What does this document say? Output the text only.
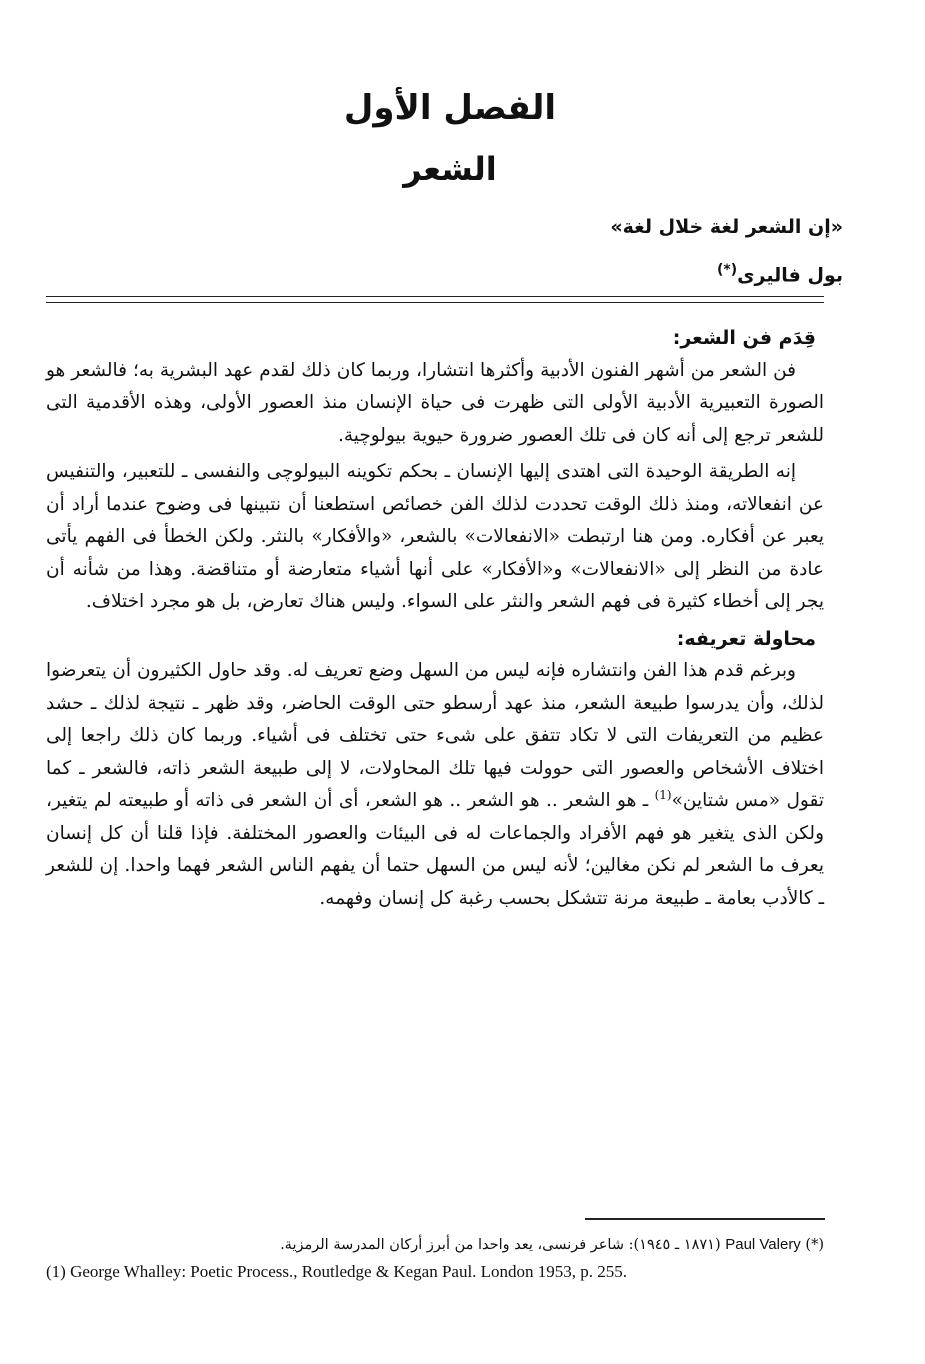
الفصل الأول
الشعر

«إن الشعر لغة خلال لغة»

بول فاليرى(*)

قِدَم فن الشعر:

فن الشعر من أشهر الفنون الأدبية وأكثرها انتشارا، وربما كان ذلك لقدم عهد البشرية به؛ فالشعر هو الصورة التعبيرية الأدبية الأولى التى ظهرت فى حياة الإنسان منذ العصور الأولى، وهذه الأقدمية التى للشعر ترجع إلى أنه كان فى تلك العصور ضرورة حيوية بيولوچية.

إنه الطريقة الوحيدة التى اهتدى إليها الإنسان ـ بحكم تكوينه البيولوچى والنفسى ـ للتعبير، والتنفيس عن انفعالاته، ومنذ ذلك الوقت تحددت لذلك الفن خصائص استطعنا أن نتبينها فى وضوح عندما أراد أن يعبر عن أفكاره. ومن هنا ارتبطت «الانفعالات» بالشعر، «والأفكار» بالنثر. ولكن الخطأ فى الفهم يأتى عادة من النظر إلى «الانفعالات» و«الأفكار» على أنها أشياء متعارضة أو متناقضة. وهذا من شأنه أن يجر إلى أخطاء كثيرة فى فهم الشعر والنثر على السواء. وليس هناك تعارض، بل هو مجرد اختلاف.

محاولة تعريفه:

وبرغم قدم هذا الفن وانتشاره فإنه ليس من السهل وضع تعريف له. وقد حاول الكثيرون أن يتعرضوا لذلك، وأن يدرسوا طبيعة الشعر، منذ عهد أرسطو حتى الوقت الحاضر، وقد ظهر ـ نتيجة لذلك ـ حشد عظيم من التعريفات التى لا تكاد تتفق على شىء حتى تختلف فى أشياء. وربما كان ذلك راجعا إلى اختلاف الأشخاص والعصور التى حوولت فيها تلك المحاولات، لا إلى طبيعة الشعر ذاته، فالشعر ـ كما تقول «مس شتاين»$^{(1)}$ ـ هو الشعر .. هو الشعر .. هو الشعر، أى أن الشعر فى ذاته أو طبيعته لم يتغير، ولكن الذى يتغير هو فهم الأفراد والجماعات له فى البيئات والعصور المختلفة. فإذا قلنا أن كل إنسان يعرف ما الشعر لم نكن مغالين؛ لأنه ليس من السهل حتما أن يفهم الناس الشعر فهما واحدا. إن للشعر ـ كالأدب بعامة ـ طبيعة مرنة تتشكل بحسب رغبة كل إنسان وفهمه.

(*) Paul Valery (١٨٧١ ـ ١٩٤٥): شاعر فرنسى، يعد واحدا من أبرز أركان المدرسة الرمزية.

(1) George Whalley: Poetic Process., Routledge & Kegan Paul. London 1953, p. 255.
